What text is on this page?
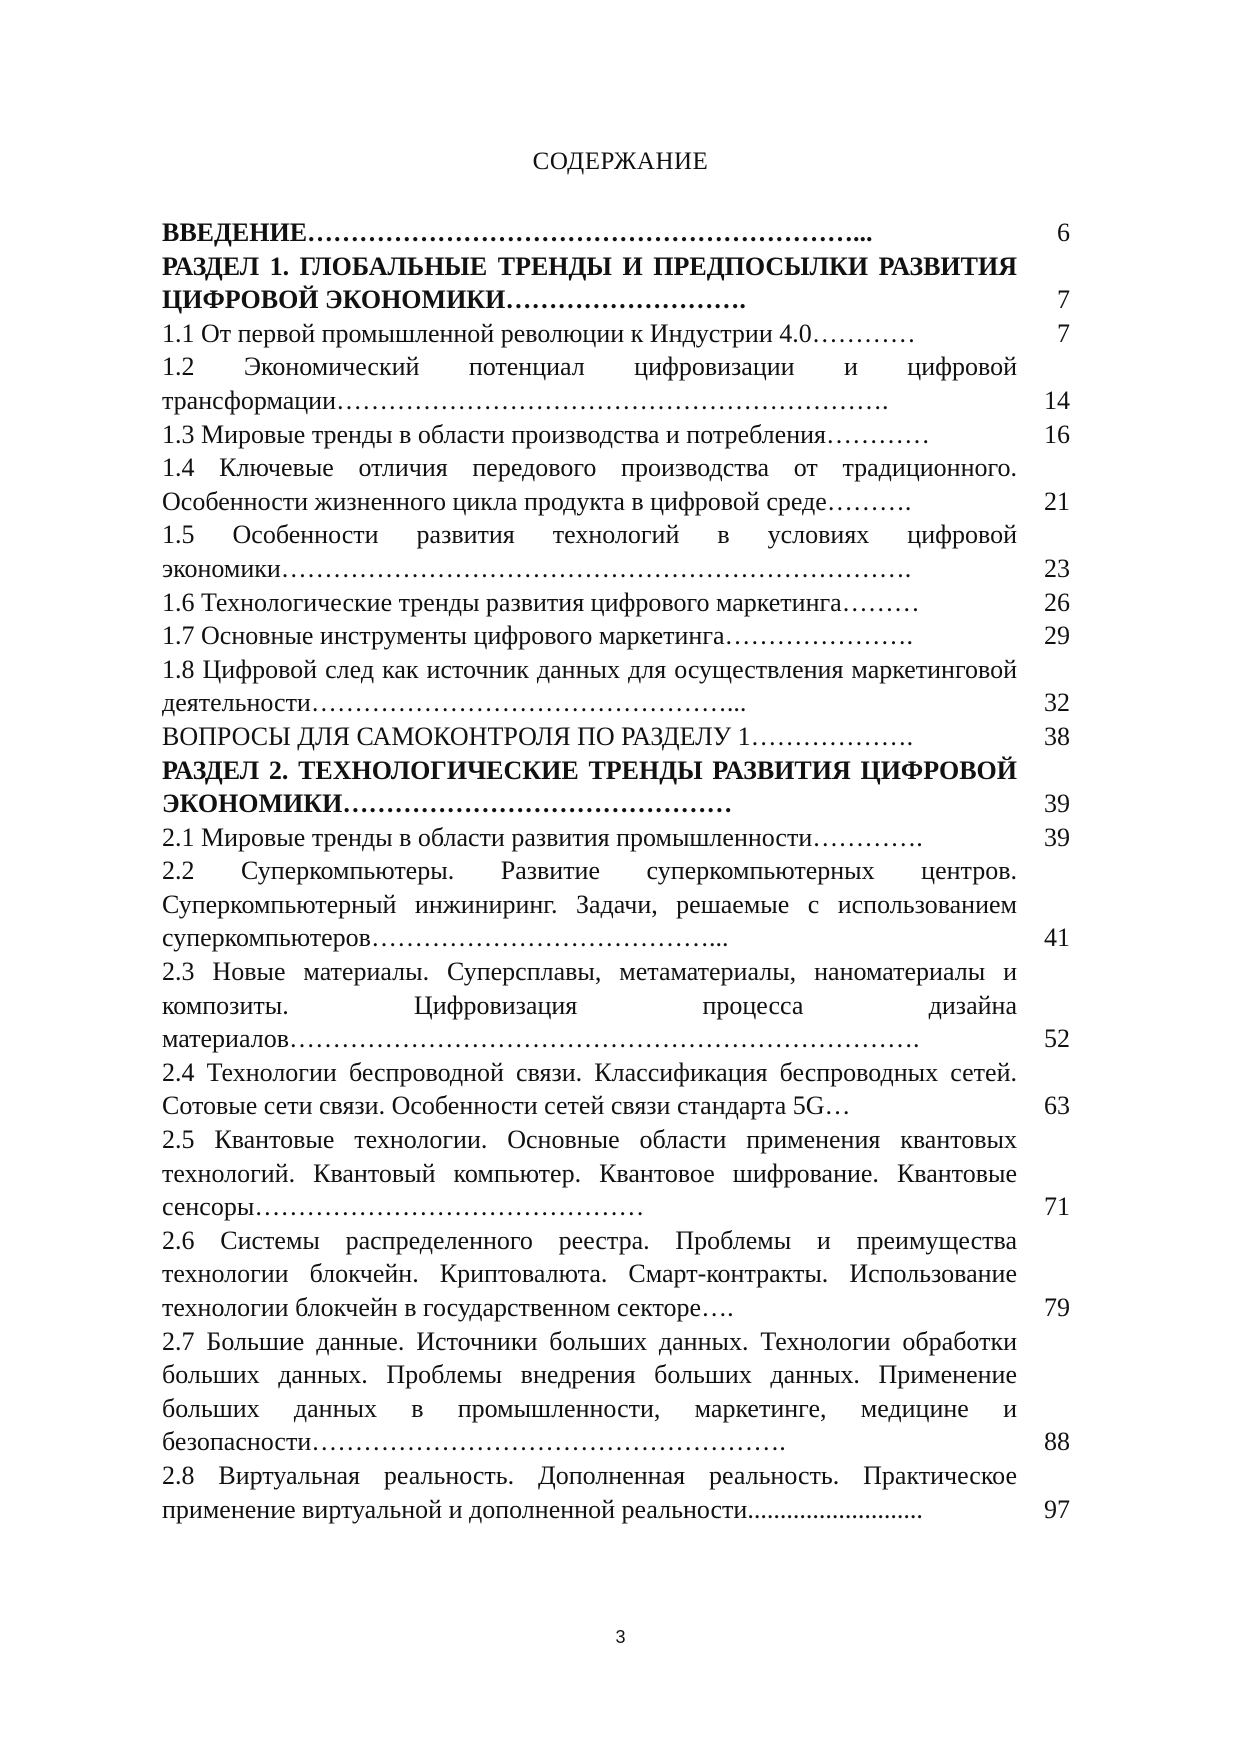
СОДЕРЖАНИЕ
ВВЕДЕНИЕ………………………………………………………...	6
РАЗДЕЛ 1. ГЛОБАЛЬНЫЕ ТРЕНДЫ И ПРЕДПОСЫЛКИ РАЗВИТИЯ ЦИФРОВОЙ ЭКОНОМИКИ……………………….	7
1.1 От первой промышленной революции к Индустрии 4.0…………	7
1.2 Экономический потенциал цифровизации и цифровой трансформации……………………………………………………….	14
1.3 Мировые тренды в области производства и потребления…………	16
1.4 Ключевые отличия передового производства от традиционного. Особенности жизненного цикла продукта в цифровой среде……….	21
1.5 Особенности развития технологий в условиях цифровой экономики……………………………………………………………….	23
1.6 Технологические тренды развития цифрового маркетинга………	26
1.7 Основные инструменты цифрового маркетинга………………….	29
1.8 Цифровой след как источник данных для осуществления маркетинговой деятельности…………………………………………...	32
ВОПРОСЫ ДЛЯ САМОКОНТРОЛЯ ПО РАЗДЕЛУ 1……………….	38
РАЗДЕЛ 2. ТЕХНОЛОГИЧЕСКИЕ ТРЕНДЫ РАЗВИТИЯ ЦИФРОВОЙ ЭКОНОМИКИ………………………………………	39
2.1 Мировые тренды в области развития промышленности………….	39
2.2 Суперкомпьютеры. Развитие суперкомпьютерных центров. Суперкомпьютерный инжиниринг. Задачи, решаемые с использованием суперкомпьютеров…………………………………...	41
2.3 Новые материалы. Суперсплавы, метаматериалы, наноматериалы и композиты. Цифровизация процесса дизайна материалов……………………………………………………………….	52
2.4 Технологии беспроводной связи. Классификация беспроводных сетей. Сотовые сети связи. Особенности сетей связи стандарта 5G…	63
2.5 Квантовые технологии. Основные области применения квантовых технологий. Квантовый компьютер. Квантовое шифрование. Квантовые сенсоры………………………………………	71
2.6 Системы распределенного реестра. Проблемы и преимущества технологии блокчейн. Криптовалюта. Смарт-контракты. Использование технологии блокчейн в государственном секторе….	79
2.7 Большие данные. Источники больших данных. Технологии обработки больших данных. Проблемы внедрения больших данных. Применение больших данных в промышленности, маркетинге, медицине и безопасности……………………………………………….	88
2.8 Виртуальная реальность. Дополненная реальность. Практическое применение виртуальной и дополненной реальности...........................	97
3
